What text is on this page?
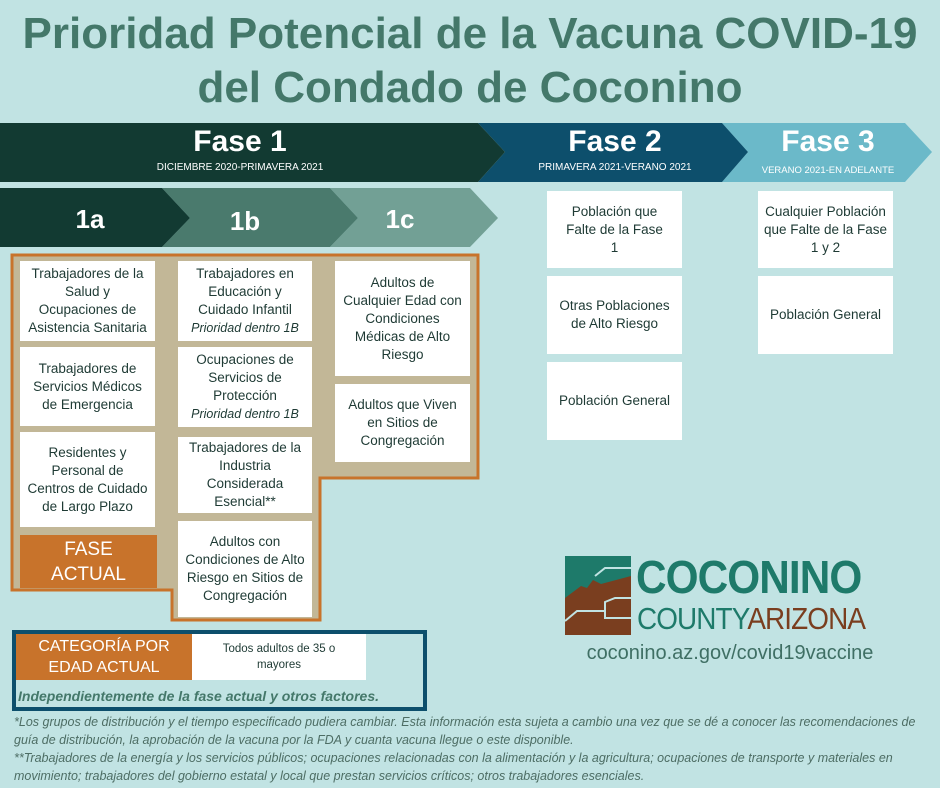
Prioridad Potencial de la Vacuna COVID-19
del Condado de Coconino
Fase 1
DICIEMBRE 2020-PRIMAVERA 2021
Fase 2
PRIMAVERA 2021-VERANO 2021
Fase 3
VERANO 2021-EN ADELANTE
1a	1b	1c
Trabajadores de la Salud y Ocupaciones de Asistencia Sanitaria
Trabajadores de Servicios Médicos de Emergencia
Residentes y Personal de Centros de Cuidado de Largo Plazo
FASE ACTUAL
Trabajadores en Educación y Cuidado Infantil
Prioridad dentro 1B
Ocupaciones de Servicios de Protección
Prioridad dentro 1B
Trabajadores de la Industria Considerada Esencial**
Adultos con Condiciones de Alto Riesgo en Sitios de Congregación
Adultos de Cualquier Edad con Condiciones Médicas de Alto Riesgo
Adultos que Viven en Sitios de Congregación
Población que Falte de la Fase 1
Otras Poblaciones de Alto Riesgo
Población General
Cualquier Población que Falte de la Fase 1 y 2
Población General
CATEGORÍA POR EDAD ACTUAL
Todos adultos de 35 o mayores
Independientemente de la fase actual y otros factores.
COCONINO
COUNTYARIZONA
coconino.az.gov/covid19vaccine
*Los grupos de distribución y el tiempo especificado pudiera cambiar. Esta información esta sujeta a cambio una vez que se dé a conocer las recomendaciones de guía de distribución, la aprobación de la vacuna por la FDA y cuanta vacuna llegue o este disponible.
**Trabajadores de la energía y los servicios públicos; ocupaciones relacionadas con la alimentación y la agricultura; ocupaciones de transporte y materiales en movimiento; trabajadores del gobierno estatal y local que prestan servicios críticos; otros trabajadores esenciales.
